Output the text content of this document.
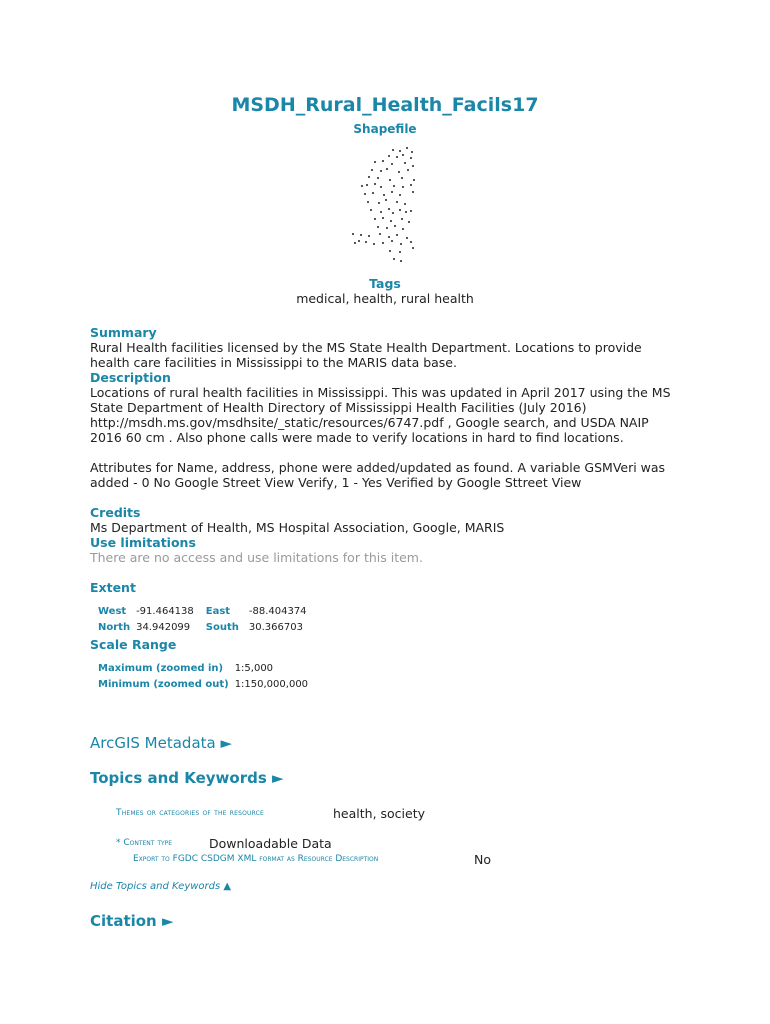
MSDH_Rural_Health_Facils17
Shapefile
Tags
medical, health, rural health
Summary

Rural Health facilities licensed by the MS State Health Department. Locations to provide health care facilities in Mississippi to the MARIS data base.

Description

Locations of rural health facilities in Mississippi. This was updated in April 2017 using the MS State Department of Health Directory of Mississippi Health Facilities (July 2016) http://msdh.ms.gov/msdhsite/_static/resources/6747.pdf , Google search, and USDA NAIP 2016 60 cm . Also phone calls were made to verify locations in hard to find locations.

Attributes for Name, address, phone were added/updated as found. A variable GSMVeri was added - 0 No Google Street View Verify, 1 - Yes Verified by Google Sttreet View

Credits

Ms Department of Health, MS Hospital Association, Google, MARIS

Use limitations

There are no access and use limitations for this item.

Extent
West	-91.464138	East	-88.404374
North	34.942099	South	30.366703
Scale Range
Maximum (zoomed in)	1:5,000
Minimum (zoomed out)	1:150,000,000
ArcGIS Metadata ►
Topics and Keywords ►
Themes or categories of the resource	health, society
* Content type	Downloadable Data
Export to FGDC CSDGM XML format as Resource Description	No
Hide Topics and Keywords ▲
Citation ►
